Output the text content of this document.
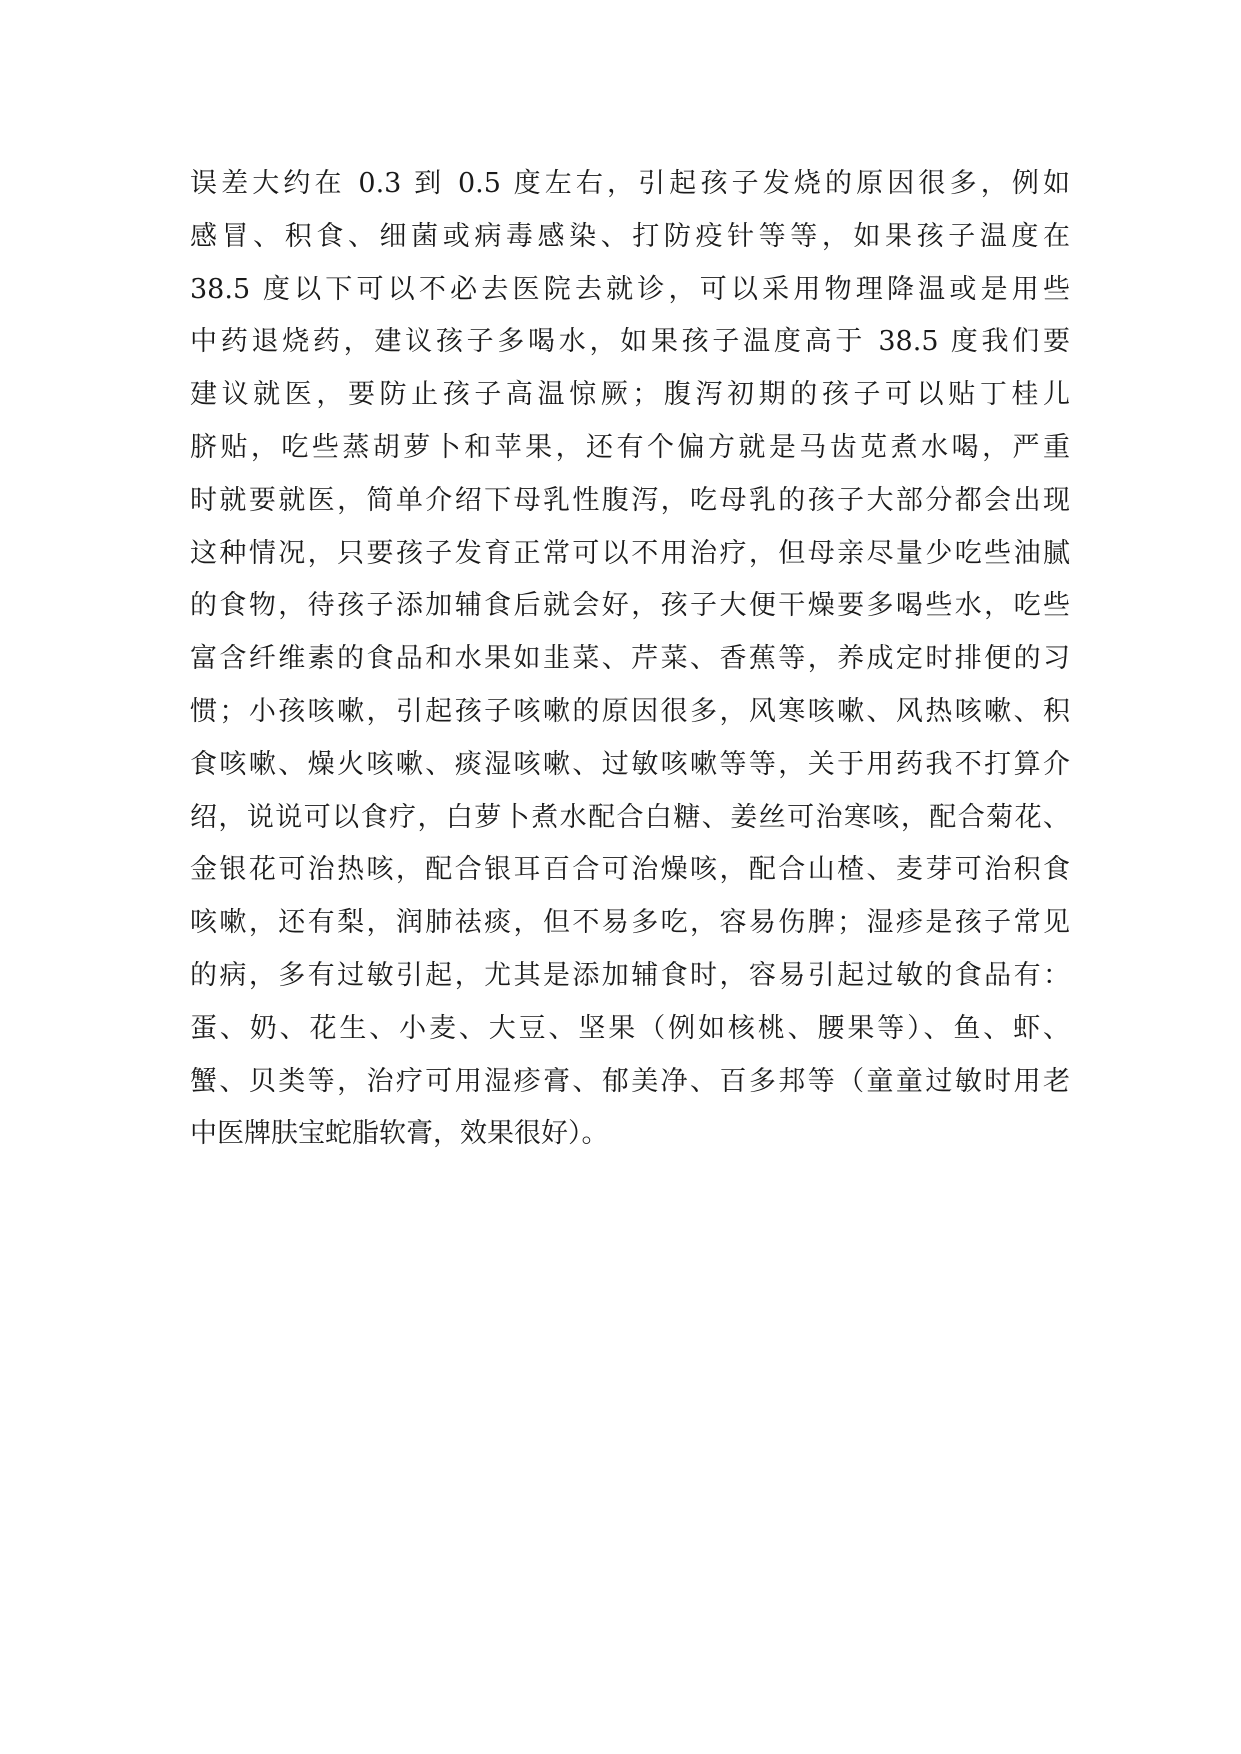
误差大约在 0.3 到 0.5 度左右，引起孩子发烧的原因很多，例如
感冒、积食、细菌或病毒感染、打防疫针等等，如果孩子温度在
38.5 度以下可以不必去医院去就诊，可以采用物理降温或是用些
中药退烧药，建议孩子多喝水，如果孩子温度高于 38.5 度我们要
建议就医，要防止孩子高温惊厥；腹泻初期的孩子可以贴丁桂儿
脐贴，吃些蒸胡萝卜和苹果，还有个偏方就是马齿苋煮水喝，严重
时就要就医，简单介绍下母乳性腹泻，吃母乳的孩子大部分都会出现
这种情况，只要孩子发育正常可以不用治疗，但母亲尽量少吃些油腻
的食物，待孩子添加辅食后就会好，孩子大便干燥要多喝些水，吃些
富含纤维素的食品和水果如韭菜、芹菜、香蕉等，养成定时排便的习
惯；小孩咳嗽，引起孩子咳嗽的原因很多，风寒咳嗽、风热咳嗽、积
食咳嗽、燥火咳嗽、痰湿咳嗽、过敏咳嗽等等，关于用药我不打算介
绍，说说可以食疗，白萝卜煮水配合白糖、姜丝可治寒咳，配合菊花、
金银花可治热咳，配合银耳百合可治燥咳，配合山楂、麦芽可治积食
咳嗽，还有梨，润肺祛痰，但不易多吃，容易伤脾；湿疹是孩子常见
的病，多有过敏引起，尤其是添加辅食时，容易引起过敏的食品有：
蛋、奶、花生、小麦、大豆、坚果（例如核桃、腰果等）、鱼、虾、
蟹、贝类等，治疗可用湿疹膏、郁美净、百多邦等（童童过敏时用老
中医牌肤宝蛇脂软膏，效果很好）。
